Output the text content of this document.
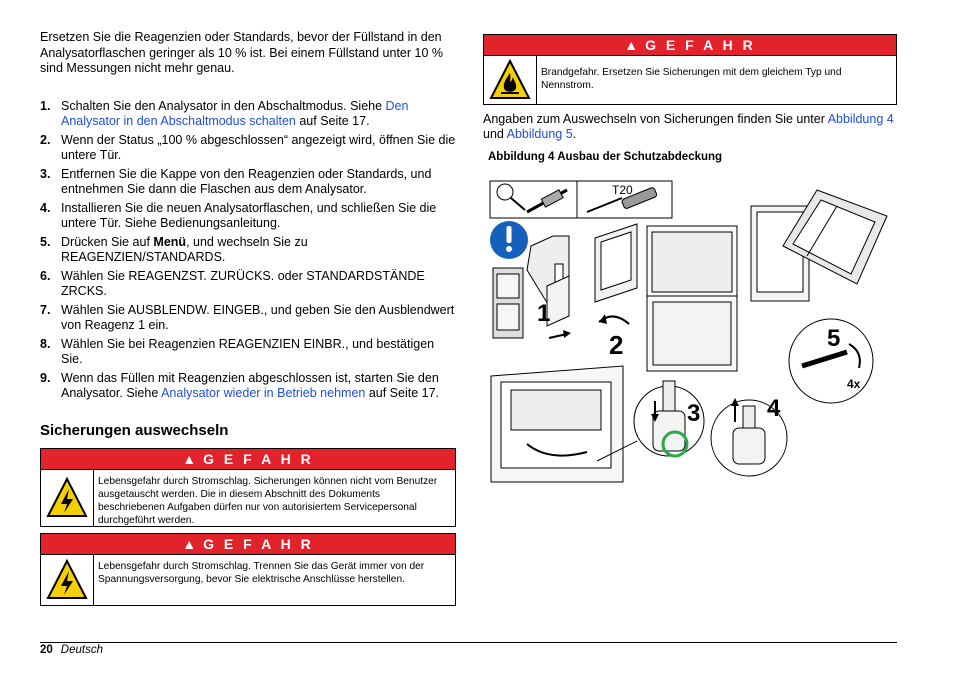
Ersetzen Sie die Reagenzien oder Standards, bevor der Füllstand in den Analysatorflaschen geringer als 10 % ist. Bei einem Füllstand unter 10 % sind Messungen nicht mehr genau.

1. Schalten Sie den Analysator in den Abschaltmodus. Siehe Den Analysator in den Abschaltmodus schalten auf Seite 17.
2. Wenn der Status „100 % abgeschlossen“ angezeigt wird, öffnen Sie die untere Tür.
3. Entfernen Sie die Kappe von den Reagenzien oder Standards, und entnehmen Sie dann die Flaschen aus dem Analysator.
4. Installieren Sie die neuen Analysatorflaschen, und schließen Sie die untere Tür. Siehe Bedienungsanleitung.
5. Drücken Sie auf Menü, und wechseln Sie zu REAGENZIEN/STANDARDS.
6. Wählen Sie REAGENZST. ZURÜCKS. oder STANDARDSTÄNDE ZRCKS.
7. Wählen Sie AUSBLENDW. EINGEB., und geben Sie den Ausblendwert von Reagenz 1 ein.
8. Wählen Sie bei Reagenzien REAGENZIEN EINBR., und bestätigen Sie.
9. Wenn das Füllen mit Reagenzien abgeschlossen ist, starten Sie den Analysator. Siehe Analysator wieder in Betrieb nehmen auf Seite 17.
Sicherungen auswechseln
▲ G E F A H R
Lebensgefahr durch Stromschlag. Sicherungen können nicht vom Benutzer ausgetauscht werden. Die in diesem Abschnitt des Dokuments beschriebenen Aufgaben dürfen nur von autorisiertem Servicepersonal durchgeführt werden.
▲ G E F A H R
Lebensgefahr durch Stromschlag. Trennen Sie das Gerät immer von der Spannungsversorgung, bevor Sie elektrische Anschlüsse herstellen.
▲ G E F A H R
Brandgefahr. Ersetzen Sie Sicherungen mit dem gleichem Typ und Nennstrom.

Angaben zum Auswechseln von Sicherungen finden Sie unter Abbildung 4 und Abbildung 5.

Abbildung 4 Ausbau der Schutzabdeckung
T20
1
2	5
4x
3	4
20 Deutsch
